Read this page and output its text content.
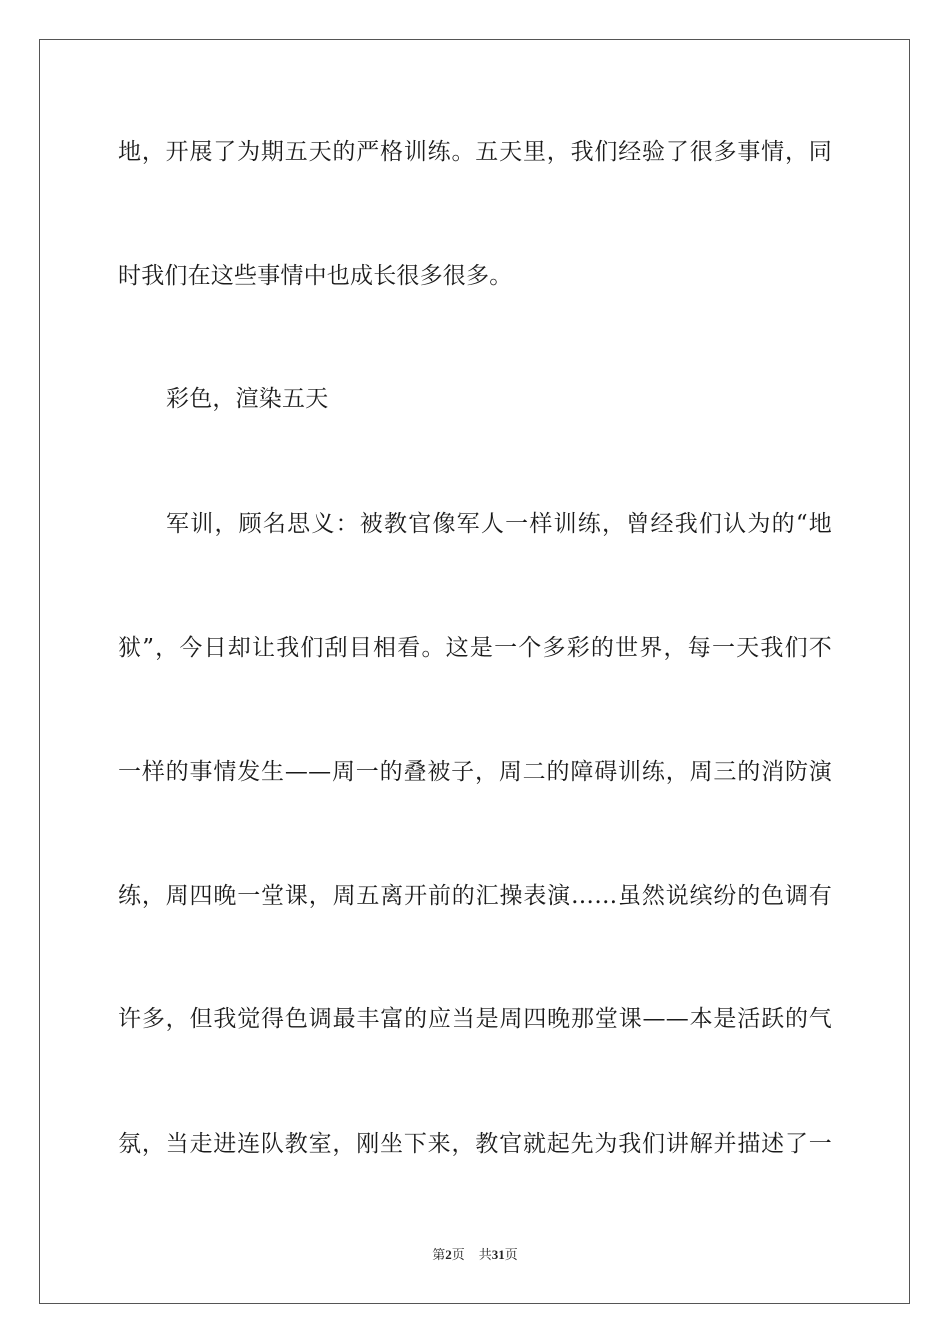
地，开展了为期五天的严格训练。五天里，我们经验了很多事情，同
时我们在这些事情中也成长很多很多。
彩色，渲染五天
军训，顾名思义：被教官像军人一样训练，曾经我们认为的“地
狱”，今日却让我们刮目相看。这是一个多彩的世界，每一天我们不
一样的事情发生——周一的叠被子，周二的障碍训练，周三的消防演
练，周四晚一堂课，周五离开前的汇操表演……虽然说缤纷的色调有
许多，但我觉得色调最丰富的应当是周四晚那堂课——本是活跃的气
氛，当走进连队教室，刚坐下来，教官就起先为我们讲解并描述了一
第2页 共31页
